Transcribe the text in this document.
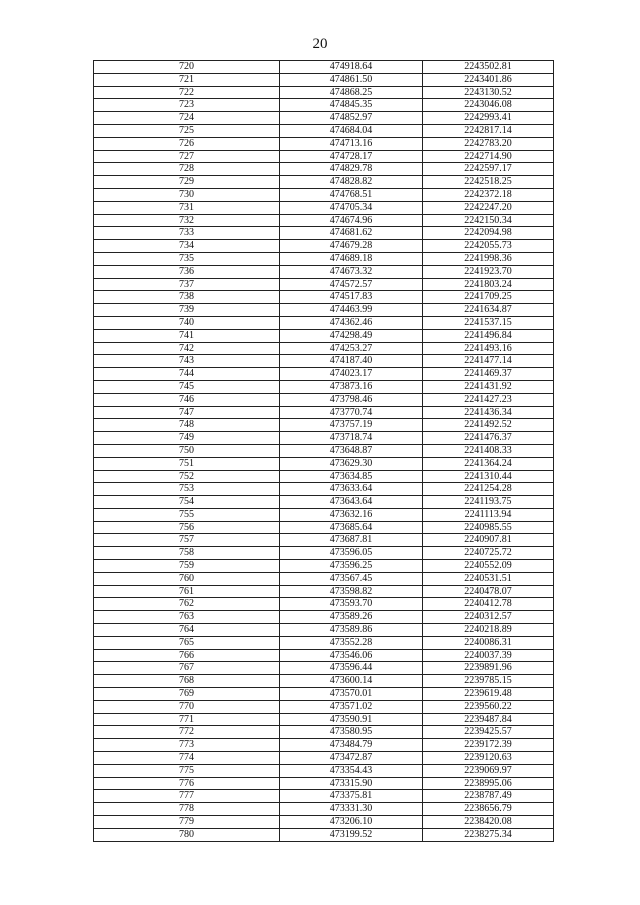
20
720	474918.64	2243502.81
721	474861.50	2243401.86
722	474868.25	2243130.52
723	474845.35	2243046.08
724	474852.97	2242993.41
725	474684.04	2242817.14
726	474713.16	2242783.20
727	474728.17	2242714.90
728	474829.78	2242597.17
729	474828.82	2242518.25
730	474768.51	2242372.18
731	474705.34	2242247.20
732	474674.96	2242150.34
733	474681.62	2242094.98
734	474679.28	2242055.73
735	474689.18	2241998.36
736	474673.32	2241923.70
737	474572.57	2241803.24
738	474517.83	2241709.25
739	474463.99	2241634.87
740	474362.46	2241537.15
741	474298.49	2241496.84
742	474253.27	2241493.16
743	474187.40	2241477.14
744	474023.17	2241469.37
745	473873.16	2241431.92
746	473798.46	2241427.23
747	473770.74	2241436.34
748	473757.19	2241492.52
749	473718.74	2241476.37
750	473648.87	2241408.33
751	473629.30	2241364.24
752	473634.85	2241310.44
753	473633.64	2241254.28
754	473643.64	2241193.75
755	473632.16	2241113.94
756	473685.64	2240985.55
757	473687.81	2240907.81
758	473596.05	2240725.72
759	473596.25	2240552.09
760	473567.45	2240531.51
761	473598.82	2240478.07
762	473593.70	2240412.78
763	473589.26	2240312.57
764	473589.86	2240218.89
765	473552.28	2240086.31
766	473546.06	2240037.39
767	473596.44	2239891.96
768	473600.14	2239785.15
769	473570.01	2239619.48
770	473571.02	2239560.22
771	473590.91	2239487.84
772	473580.95	2239425.57
773	473484.79	2239172.39
774	473472.87	2239120.63
775	473354.43	2239069.97
776	473315.90	2238995.06
777	473375.81	2238787.49
778	473331.30	2238656.79
779	473206.10	2238420.08
780	473199.52	2238275.34
